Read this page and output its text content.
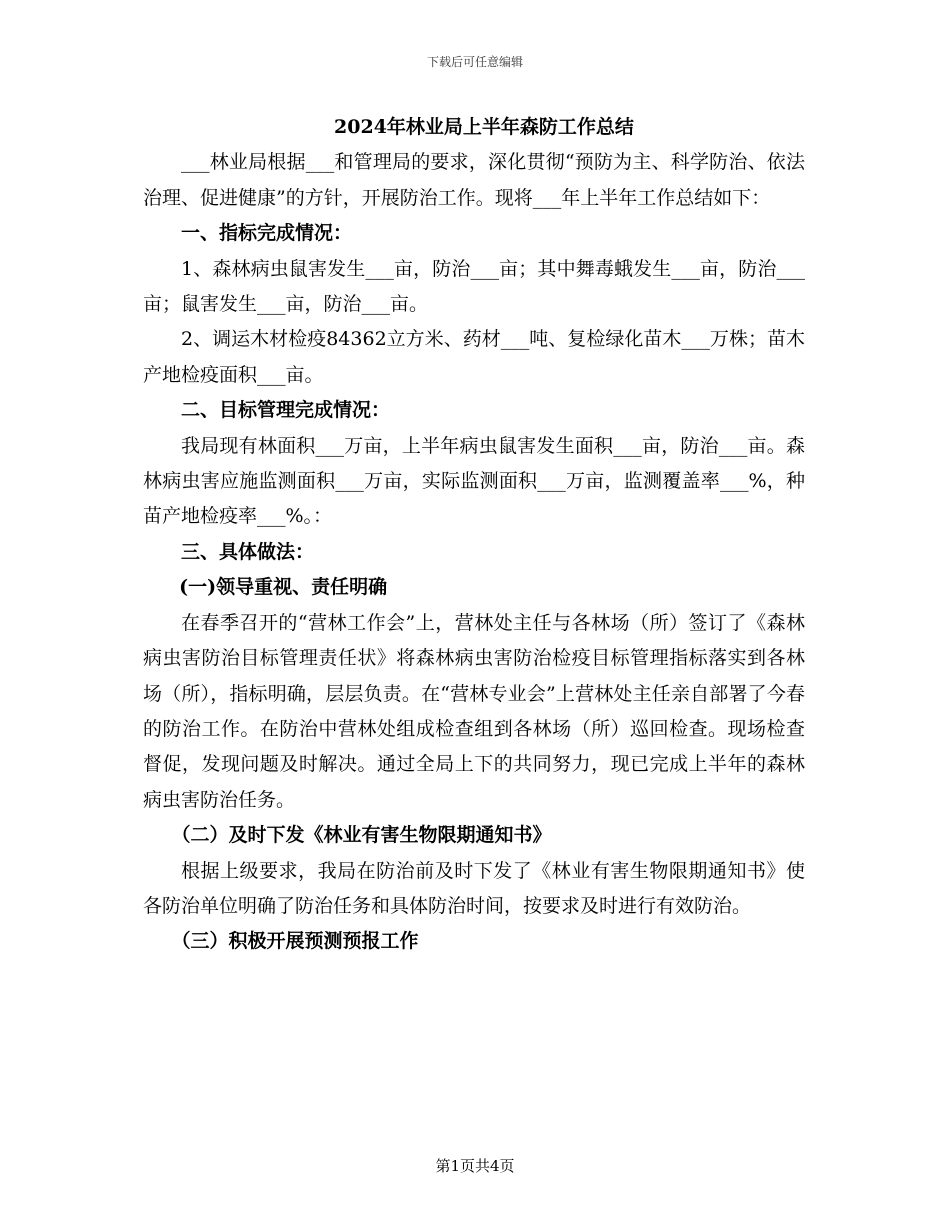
下载后可任意编辑

2024年林业局上半年森防工作总结

___林业局根据___和管理局的要求，深化贯彻“预防为主、科学防治、依法治理、促进健康”的方针，开展防治工作。现将___年上半年工作总结如下：

一、指标完成情况：

1、森林病虫鼠害发生___亩，防治___亩；其中舞毒蛾发生___亩，防治___亩；鼠害发生___亩，防治___亩。

2、调运木材检疫84362立方米、药材___吨、复检绿化苗木___万株；苗木产地检疫面积___亩。

二、目标管理完成情况：

我局现有林面积___万亩，上半年病虫鼠害发生面积___亩，防治___亩。森林病虫害应施监测面积___万亩，实际监测面积___万亩，监测覆盖率___%，种苗产地检疫率___%。：

三、具体做法：

(一)领导重视、责任明确

在春季召开的“营林工作会”上，营林处主任与各林场（所）签订了《森林病虫害防治目标管理责任状》将森林病虫害防治检疫目标管理指标落实到各林场（所），指标明确，层层负责。在“营林专业会”上营林处主任亲自部署了今春的防治工作。在防治中营林处组成检查组到各林场（所）巡回检查。现场检查督促，发现问题及时解决。通过全局上下的共同努力，现已完成上半年的森林病虫害防治任务。

（二）及时下发《林业有害生物限期通知书》

根据上级要求，我局在防治前及时下发了《林业有害生物限期通知书》使各防治单位明确了防治任务和具体防治时间，按要求及时进行有效防治。

（三）积极开展预测预报工作

第1页共4页
